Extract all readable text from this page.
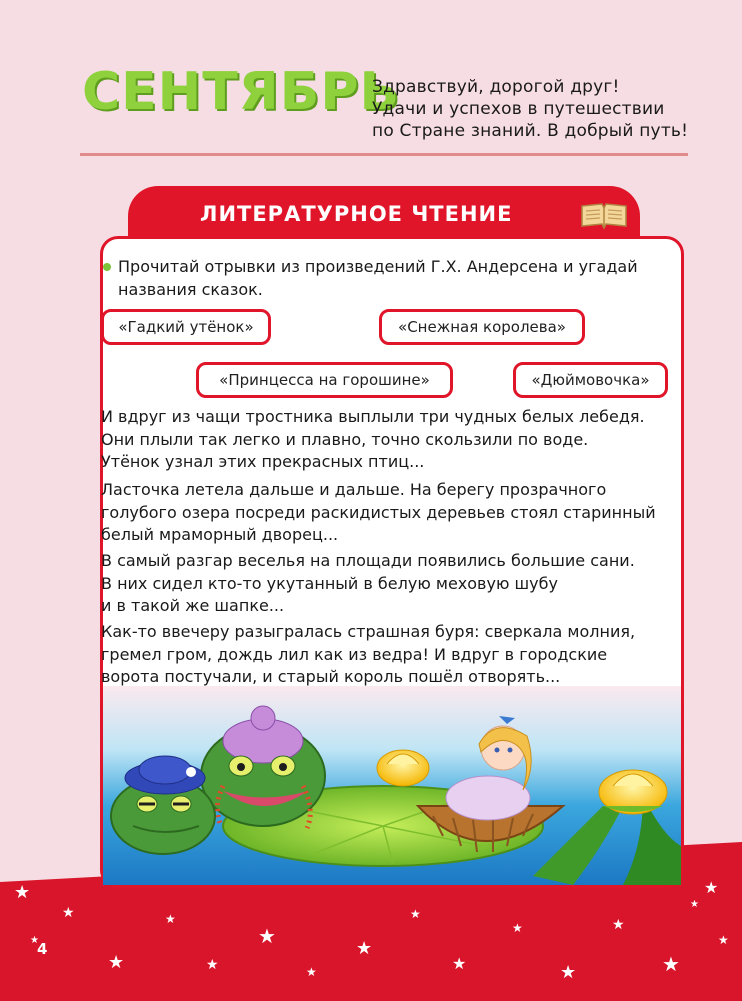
★
★
★
★
★
★
★
★
★
★
★
★
★
★
★
★
★
★
СЕНТЯБРЬ
Здравствуй, дорогой друг!
Удачи и успехов в путешествии
по Стране знаний. В добрый путь!
ЛИТЕРАТУРНОЕ ЧТЕНИЕ
Прочитай отрывки из произведений Г.Х. Андерсена и угадай
названия сказок.
«Гадкий утёнок»	«Снежная королева»
«Принцесса на горошине»	«Дюймовочка»
И вдруг из чащи тростника выплыли три чудных белых лебедя.
Они плыли так легко и плавно, точно скользили по воде.
Утёнок узнал этих прекрасных птиц...
Ласточка летела дальше и дальше. На берегу прозрачного
голубого озера посреди раскидистых деревьев стоял старинный
белый мраморный дворец...
В самый разгар веселья на площади появились большие сани.
В них сидел кто-то укутанный в белую меховую шубу
и в такой же шапке...
Как-то ввечеру разыгралась страшная буря: сверкала молния,
гремел гром, дождь лил как из ведра! И вдруг в городские
ворота постучали, и старый король пошёл отворять...
4
